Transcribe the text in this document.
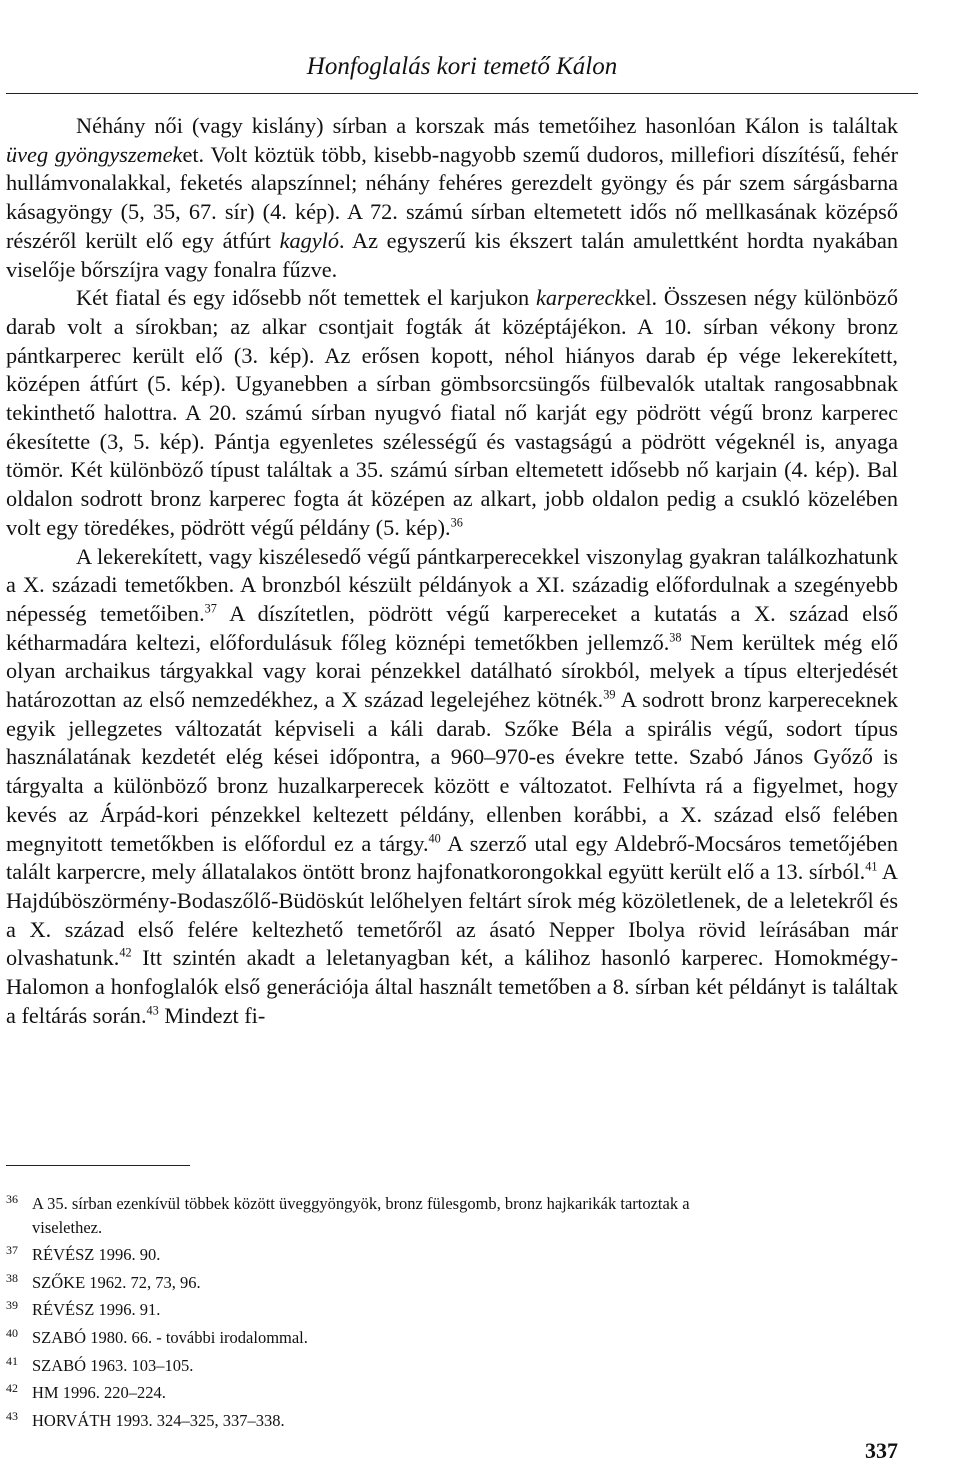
Honfoglalás kori temető Kálon

Néhány női (vagy kislány) sírban a korszak más temetőihez hasonlóan Kálon is találtak üveg gyöngyszemeket. Volt köztük több, kisebb-nagyobb szemű dudoros, millefiori díszítésű, fehér hullámvonalakkal, feketés alapszínnel; néhány fehéres gerezdelt gyöngy és pár szem sárgásbarna kásagyöngy (5, 35, 67. sír) (4. kép). A 72. számú sírban eltemetett idős nő mellkasának középső részéről került elő egy átfúrt kagyló. Az egyszerű kis ékszert talán amulettként hordta nyakában viselője bőrszíjra vagy fonalra fűzve.

Két fiatal és egy idősebb nőt temettek el karjukon karpereckkel. Összesen négy különböző darab volt a sírokban; az alkar csontjait fogták át középtájékon. A 10. sírban vékony bronz pántkarperec került elő (3. kép). Az erősen kopott, néhol hiányos darab ép vége lekerekített, középen átfúrt (5. kép). Ugyanebben a sírban gömbsorcsüngős fülbevalók utaltak rangosabbnak tekinthető halottra. A 20. számú sírban nyugvó fiatal nő karját egy pödrött végű bronz karperec ékesítette (3, 5. kép). Pántja egyenletes szélességű és vastagságú a pödrött végeknél is, anyaga tömör. Két különböző típust találtak a 35. számú sírban eltemetett idősebb nő karjain (4. kép). Bal oldalon sodrott bronz karperec fogta át középen az alkart, jobb oldalon pedig a csukló közelében volt egy töredékes, pödrött végű példány (5. kép).$^{36}$

A lekerekített, vagy kiszélesedő végű pántkarperecekkel viszonylag gyakran találkozhatunk a X. századi temetőkben. A bronzból készült példányok a XI. századig előfordulnak a szegényebb népesség temetőiben.$^{37}$ A díszítetlen, pödrött végű karpereceket a kutatás a X. század első kétharmadára keltezi, előfordulásuk főleg köznépi temetőkben jellemző.$^{38}$ Nem kerültek még elő olyan archaikus tárgyakkal vagy korai pénzekkel datálható sírokból, melyek a típus elterjedését határozottan az első nemzedékhez, a X század legelejéhez kötnék.$^{39}$ A sodrott bronz karpereceknek egyik jellegzetes változatát képviseli a káli darab. Szőke Béla a spirális végű, sodort típus használatának kezdetét elég kései időpontra, a 960–970-es évekre tette. Szabó János Győző is tárgyalta a különböző bronz huzalkarperecek között e változatot. Felhívta rá a figyelmet, hogy kevés az Árpád-kori pénzekkel keltezett példány, ellenben korábbi, a X. század első felében megnyitott temetőkben is előfordul ez a tárgy.$^{40}$ A szerző utal egy Aldebrő-Mocsáros temetőjében talált karpercre, mely állatalakos öntött bronz hajfonatkorongokkal együtt került elő a 13. sírból.$^{41}$ A Hajdúböszörmény-Bodaszőlő-Büdöskút lelőhelyen feltárt sírok még közöletlenek, de a leletekről és a X. század első felére keltezhető temetőről az ásató Nepper Ibolya rövid leírásában már olvashatunk.$^{42}$ Itt szintén akadt a leletanyagban két, a kálihoz hasonló karperec. Homokmégy-Halomon a honfoglalók első generációja által használt temetőben a 8. sírban két példányt is találtak a feltárás során.$^{43}$ Mindezt fi-

36 A 35. sírban ezenkívül többek között üveggyöngyök, bronz fülesgomb, bronz hajkarikák tartoztak a
viselethez.
37 RÉVÉSZ 1996. 90.
38 SZŐKE 1962. 72, 73, 96.
39 RÉVÉSZ 1996. 91.
40 SZABÓ 1980. 66. - további irodalommal.
41 SZABÓ 1963. 103–105.
42 HM 1996. 220–224.
43 HORVÁTH 1993. 324–325, 337–338.
337
